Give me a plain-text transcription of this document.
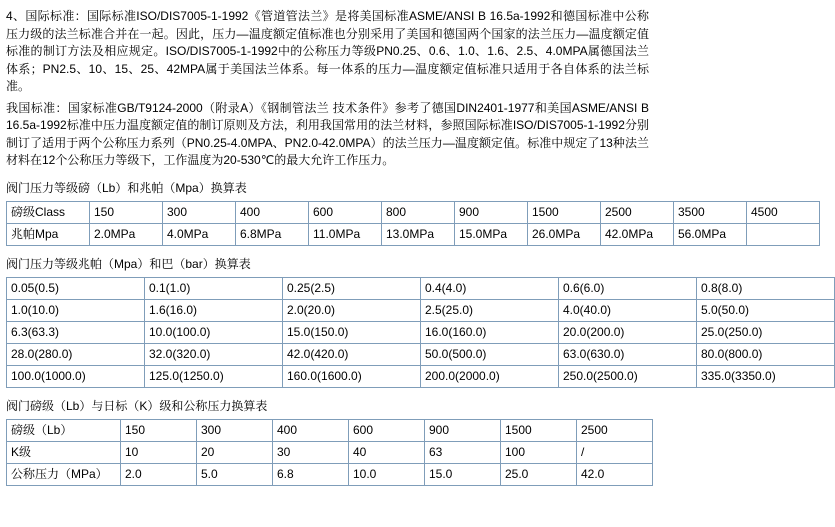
4、国际标准：国际标准ISO/DIS7005-1-1992《管道管法兰》是将美国标准ASME/ANSI B 16.5a-1992和德国标准中公称压力级的法兰标准合并在一起。因此，压力—温度额定值标准也分别采用了美国和德国两个国家的法兰压力—温度额定值标准的制订方法及相应规定。ISO/DIS7005-1-1992中的公称压力等级PN0.25、0.6、1.0、1.6、2.5、4.0MPA属德国法兰体系；PN2.5、10、15、25、42MPA属于美国法兰体系。每一体系的压力—温度额定值标准只适用于各自体系的法兰标准。

我国标准：国家标准GB/T9124-2000（附录A）《钢制管法兰 技术条件》参考了德国DIN2401-1977和美国ASME/ANSI B 16.5a-1992标准中压力温度额定值的制订原则及方法，利用我国常用的法兰材料，参照国际标准ISO/DIS7005-1-1992分别制订了适用于两个公称压力系列（PN0.25-4.0MPA、PN2.0-42.0MPA）的法兰压力—温度额定值。标准中规定了13种法兰材料在12个公称压力等级下，工作温度为20-530℃的最大允许工作压力。

阀门压力等级磅（Lb）和兆帕（Mpa）换算表
磅级Class	150	300	400	600	800	900	1500	2500	3500	4500
兆帕Mpa	2.0MPa	4.0MPa	6.8MPa	11.0MPa	13.0MPa	15.0MPa	26.0MPa	42.0MPa	56.0MPa	
阀门压力等级兆帕（Mpa）和巴（bar）换算表
0.05(0.5)	0.1(1.0)	0.25(2.5)	0.4(4.0)	0.6(6.0)	0.8(8.0)
1.0(10.0)	1.6(16.0)	2.0(20.0)	2.5(25.0)	4.0(40.0)	5.0(50.0)
6.3(63.3)	10.0(100.0)	15.0(150.0)	16.0(160.0)	20.0(200.0)	25.0(250.0)
28.0(280.0)	32.0(320.0)	42.0(420.0)	50.0(500.0)	63.0(630.0)	80.0(800.0)
100.0(1000.0)	125.0(1250.0)	160.0(1600.0)	200.0(2000.0)	250.0(2500.0)	335.0(3350.0)
阀门磅级（Lb）与日标（K）级和公称压力换算表
磅级（Lb）	150	300	400	600	900	1500	2500
K级	10	20	30	40	63	100	/
公称压力（MPa）	2.0	5.0	6.8	10.0	15.0	25.0	42.0
